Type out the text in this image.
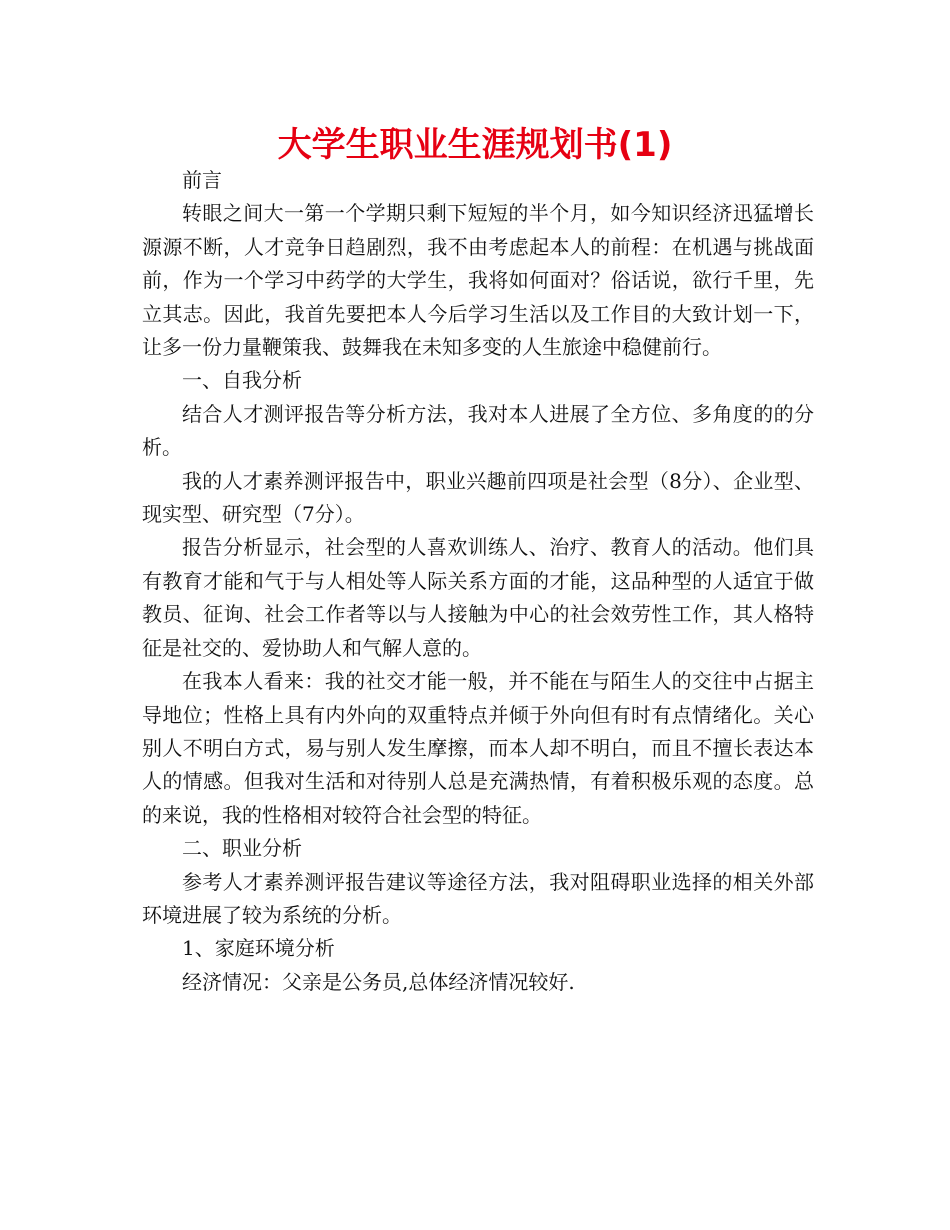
大学生职业生涯规划书(1)

前言

转眼之间大一第一个学期只剩下短短的半个月，如今知识经济迅猛增长源源不断，人才竞争日趋剧烈，我不由考虑起本人的前程：在机遇与挑战面前，作为一个学习中药学的大学生，我将如何面对？俗话说，欲行千里，先立其志。因此，我首先要把本人今后学习生活以及工作目的大致计划一下，让多一份力量鞭策我、鼓舞我在未知多变的人生旅途中稳健前行。

一、自我分析

结合人才测评报告等分析方法，我对本人进展了全方位、多角度的的分析。

我的人才素养测评报告中，职业兴趣前四项是社会型（8分）、企业型、现实型、研究型（7分）。

报告分析显示，社会型的人喜欢训练人、治疗、教育人的活动。他们具有教育才能和气于与人相处等人际关系方面的才能，这品种型的人适宜于做教员、征询、社会工作者等以与人接触为中心的社会效劳性工作，其人格特征是社交的、爱协助人和气解人意的。

在我本人看来：我的社交才能一般，并不能在与陌生人的交往中占据主导地位；性格上具有内外向的双重特点并倾于外向但有时有点情绪化。关心别人不明白方式，易与别人发生摩擦，而本人却不明白，而且不擅长表达本人的情感。但我对生活和对待别人总是充满热情，有着积极乐观的态度。总的来说，我的性格相对较符合社会型的特征。

二、职业分析

参考人才素养测评报告建议等途径方法，我对阻碍职业选择的相关外部环境进展了较为系统的分析。

1、家庭环境分析

经济情况：父亲是公务员,总体经济情况较好.
